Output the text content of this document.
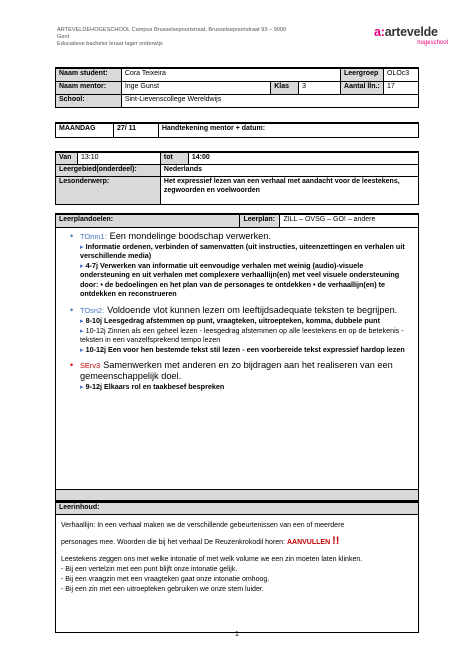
ARTEVELDEHOGESCHOOL Campus Brusselsepoortstraat, Brusselsepoortstraat 93 – 9000 Gent
Educatieve bachelor leraar lager onderwijs
a:artevelde
hogeschool
Naam student:	Cora Teixeira			Leergroep	OLOc3
Naam mentor:	Inge Gunst	Klas	3	Aantal lln.:	17
School:	Sint-Lievenscollege Wereldwijs				
MAANDAG	27/ 11	Handtekening mentor + datum:
Van	13:10	tot	14:00
Leergebied(onderdeel):		Nederlands	
Lesonderwerp:		Het expressief lezen van een verhaal met aandacht voor de leestekens, zegwoorden en voelwoorden	
Leerplandoelen:	Leerplan:	ZILL – OVSG – GO! – andere

• TOmn1: Een mondelinge boodschap verwerken.
▸ Informatie ordenen, verbinden of samenvatten (uit instructies, uiteenzettingen en verhalen uit verschillende media)
▸ 4-7j Verwerken van informatie uit eenvoudige verhalen met weinig (audio)-visuele ondersteuning en uit verhalen met complexere verhaallijn(en) met veel visuele ondersteuning door: • de bedoelingen en het plan van de personages te ontdekken • de verhaallijn(en) te ontdekken en reconstrueren
• TOsn2: Voldoende vlot kunnen lezen om leeftijdsadequate teksten te begrijpen.
▸ 8-10j Leesgedrag afstemmen op punt, vraagteken, uitroepteken, komma, dubbele punt
▸ 10-12j Zinnen als een geheel lezen - leesgedrag afstemmen op alle leestekens en op de betekenis - teksten in een vanzelfsprekend tempo lezen
▸ 10-12j Een voor hen bestemde tekst stil lezen - een voorbereide tekst expressief hardop lezen
• SErv3 Samenwerken met anderen en zo bijdragen aan het realiseren van een gemeenschappelijk doel.
▸ 9-12j Elkaars rol en taakbesef bespreken

Leerinhoud:

Verhaallijn: In een verhaal maken we de verschillende gebeurtenissen van een of meerdere
personages mee. Woorden die bij het verhaal De Reuzenkrokodil horen: AANVULLEN !!
Leestekens zeggen ons met welke intonatie of met welk volume we een zin moeten laten klinken.
- Bij een vertelzin met een punt blijft onze intonatie gelijk.
- Bij een vraagzin met een vraagteken gaat onze intonatie omhoog.
- Bij een zin met een uitroepteken gebruiken we onze stem luider.
1
